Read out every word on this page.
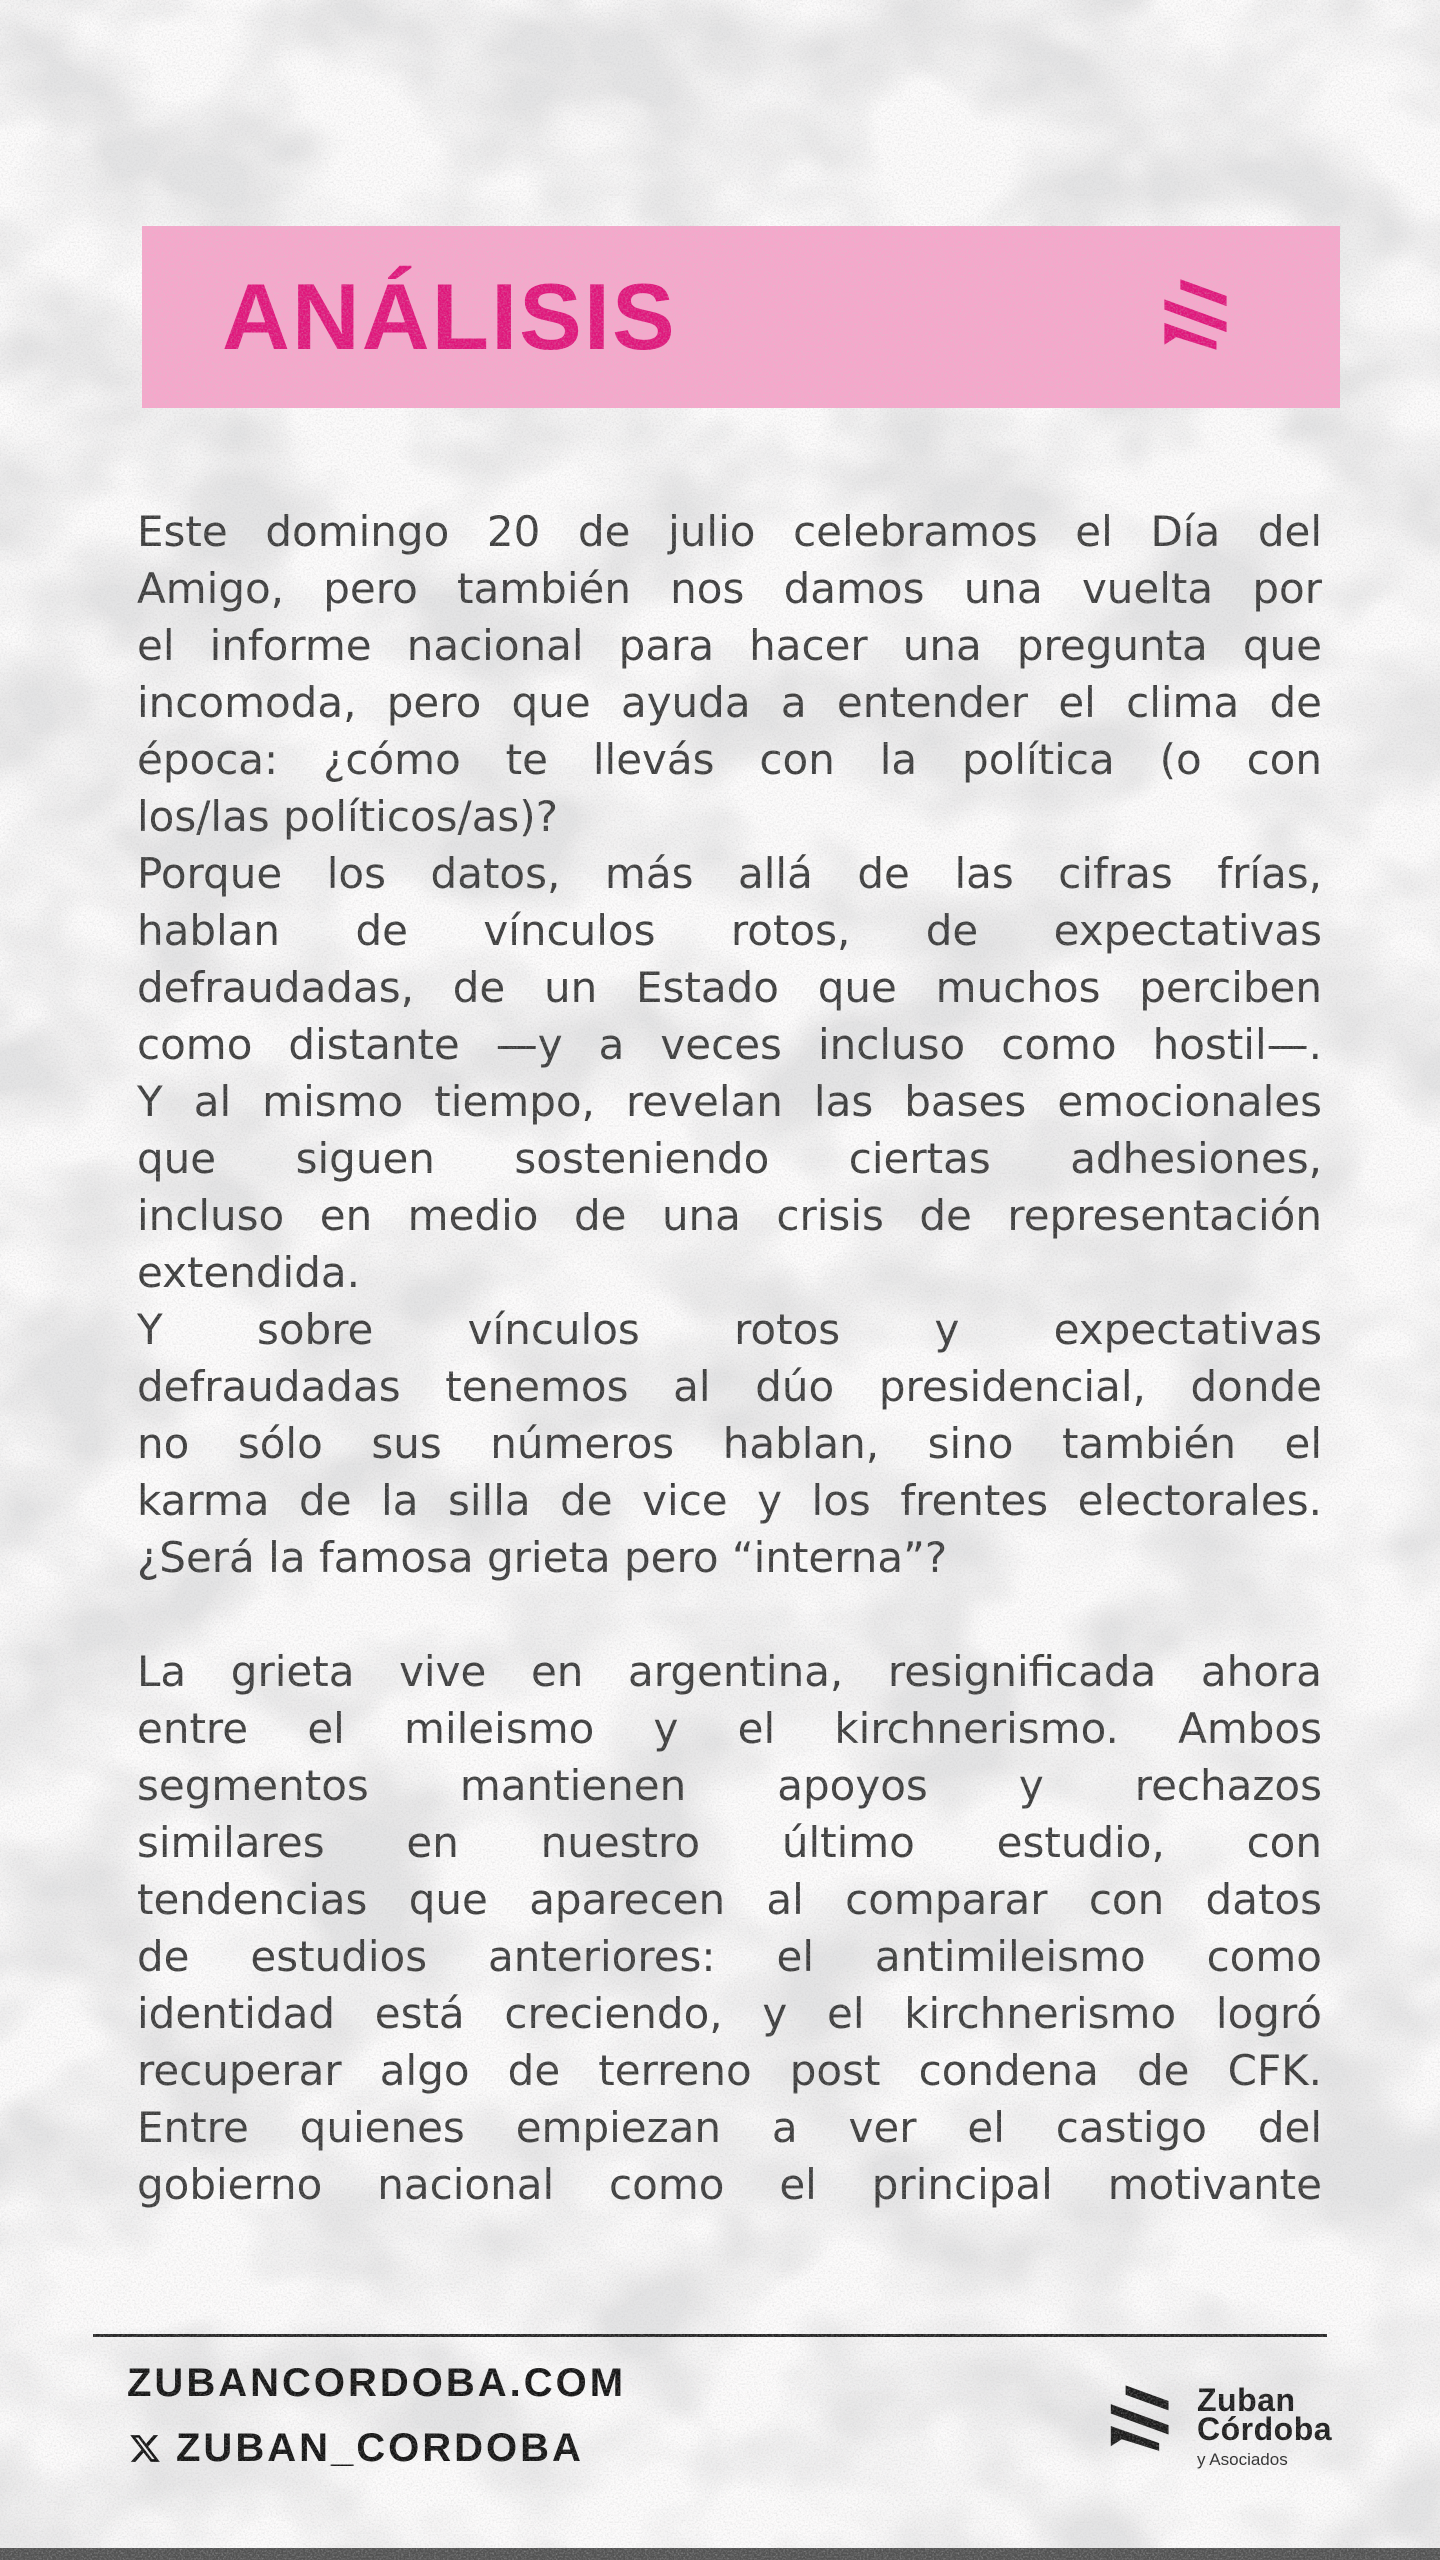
ANÁLISIS
Este domingo 20 de julio celebramos el Día del
Amigo, pero también nos damos una vuelta por
el informe nacional para hacer una pregunta que
incomoda, pero que ayuda a entender el clima de
época: ¿cómo te llevás con la política (o con
los/las políticos/as)?
Porque los datos, más allá de las cifras frías,
hablan de vínculos rotos, de expectativas
defraudadas, de un Estado que muchos perciben
como distante —y a veces incluso como hostil—.
Y al mismo tiempo, revelan las bases emocionales
que siguen sosteniendo ciertas adhesiones,
incluso en medio de una crisis de representación
extendida.
Y sobre vínculos rotos y expectativas
defraudadas tenemos al dúo presidencial, donde
no sólo sus números hablan, sino también el
karma de la silla de vice y los frentes electorales.
¿Será la famosa grieta pero “interna”?
La grieta vive en argentina, resignificada ahora
entre el mileismo y el kirchnerismo. Ambos
segmentos mantienen apoyos y rechazos
similares en nuestro último estudio, con
tendencias que aparecen al comparar con datos
de estudios anteriores: el antimileismo como
identidad está creciendo, y el kirchnerismo logró
recuperar algo de terreno post condena de CFK.
Entre quienes empiezan a ver el castigo del
gobierno nacional como el principal motivante
ZUBANCORDOBA.COM
ZUBAN_CORDOBA
Zuban
Córdoba
y Asociados
